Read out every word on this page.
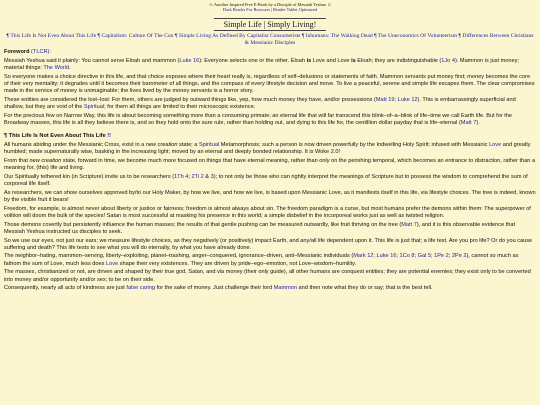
☺ Another Inspired Free E-Book by a Disciple of Messiah Yeshua ☺
Dark Reader For Browsers | Reader Tablet Optimized
Simple Life | Simply Living!
¶ This Life Is Not Even About This Life ¶ Capitalism: Culture Of The Con ¶ Simple Living As Defined By Capitalist Consumerists ¶ Inhumans: The Walking Dead ¶ The Uneconomics Of Volunteerism ¶ Differences Between Christians & Messianic Disciples

Foreword (TLCR):

Messiah Yeshua said it plainly: You cannot serve Eloah and mammon (Luke 16): Everyone selects one or the other. Eloah is Love and Love is Eloah; they are indistinguishable (1Jo 4). Mammon is just money; material things: The World.

So everyone makes a choice directive in this life, and that choice exposes where their heart really is, regardless of self–delusions or statements of faith. Mammon servants put money first; money becomes the core of their very mentality; it degrades until it becomes their barometer of all things, and the compass of every lifestyle decision and move. To live a peaceful, serene and simple life escapes them. The clear compromises made in the service of money is unimaginable; the lives lived by the money servants is a horror story.

These entities are considered the lost–lost: For them, others are judged by outward things like, yep, how much money they have, and/or possessions (Matt 19; Luke 12). This is embarrassingly superficial and shallow, but they are void of the Spiritual; for them all things are limited to their microscopic existence.

For the precious few on Narrow Way, this life is about becoming something more than a consuming primate; an eternal life that will far transcend this blink–of–a–blink of life–time we call Earth life. But for the Broadway masses, this life is all they believe there is, and so they hold onto the sure rule, rather than holding out, and dying to this life for, the centillion dollar payday that is life–eternal (Matt 7).

¶ This Life Is Not Even About This Life !!

All humans abiding under the Messianic Cross, exist in a new creation state; a Spiritual Metamorphosis; such a person is now driven powerfully by the Indwelling Holy Spirit; infused with Messianic Love and greatly humbled; made supernaturally wise, basking in the increasing light; moved by an eternal and deeply bonded relationship. It is Woke 2.0!

From that new creation state, forward in time, we become much more focused on things that have eternal meaning, rather than only on the perishing temporal, which becomes an entrance to distraction, rather than a meaning for, (this) life and living.

Our Spiritually tethered kin (in Scripture) invite us to be researchers (1Th 4; 2Ti 2 & 3); to not only be those who can rightly interpret the meanings of Scripture but to possess the wisdom to comprehend the sum of corporeal life itself.

As researchers, we can show ourselves approved by/to our Holy Maker, by how we live, and how we live, is based upon Messianic Love, as it manifests itself in this life, via lifestyle choices. The tree is indeed, known by the visible fruit it bears!

Freedom, for example, is almost never about liberty or justice or fairness; freedom is almost always about sin. The freedom paradigm is a curse, but most humans prefer the demons within them: The superpower of volition will doom the bulk of the species! Satan is most successful at masking his presence in this world; a simple disbelief in the incorporeal works just as well as twisted religion.

Those demons covertly but persistently influence the human masses; the results of that gentle pushing can be measured outwardly, like fruit thriving on the tree (Matt 7), and it is this observable evidence that Messiah Yeshua instructed us disciples to seek.

So we use our eyes, not just our ears; we measure lifestyle choices, as they negatively (or positively) impact Earth, and any/all life dependent upon it. This life is just that; a life test. Are you pro life? Or do you cause suffering and death? This life tests to see what you will do eternally, by what you have already done.

The neighbor–hating, mammon–serving, liberty–exploiting, planet–trashing, anger–conquered, ignorance–driven, anti–Messianic individuals (Mark 12; Luke 16; 1Co 8; Gal 5; 1Pe 2; 2Pe 2), cannot so much as fathom the sum of Love, much less does Love shape their very existences. They are driven by pride–ego–emotion, not Love–wisdom–humility.

The masses, christianized or not, are driven and shaped by their true god, Satan, and via money (their only guide), all other humans are conquest entities; they are potential enemies; they exist only to be converted into money and/or opportunity and/or sex; to be on their side.

Consequently, nearly all acts of kindness are just false caring for the sake of money. Just challenge their lord Mammon and then note what they do or say; that is the best tell.
